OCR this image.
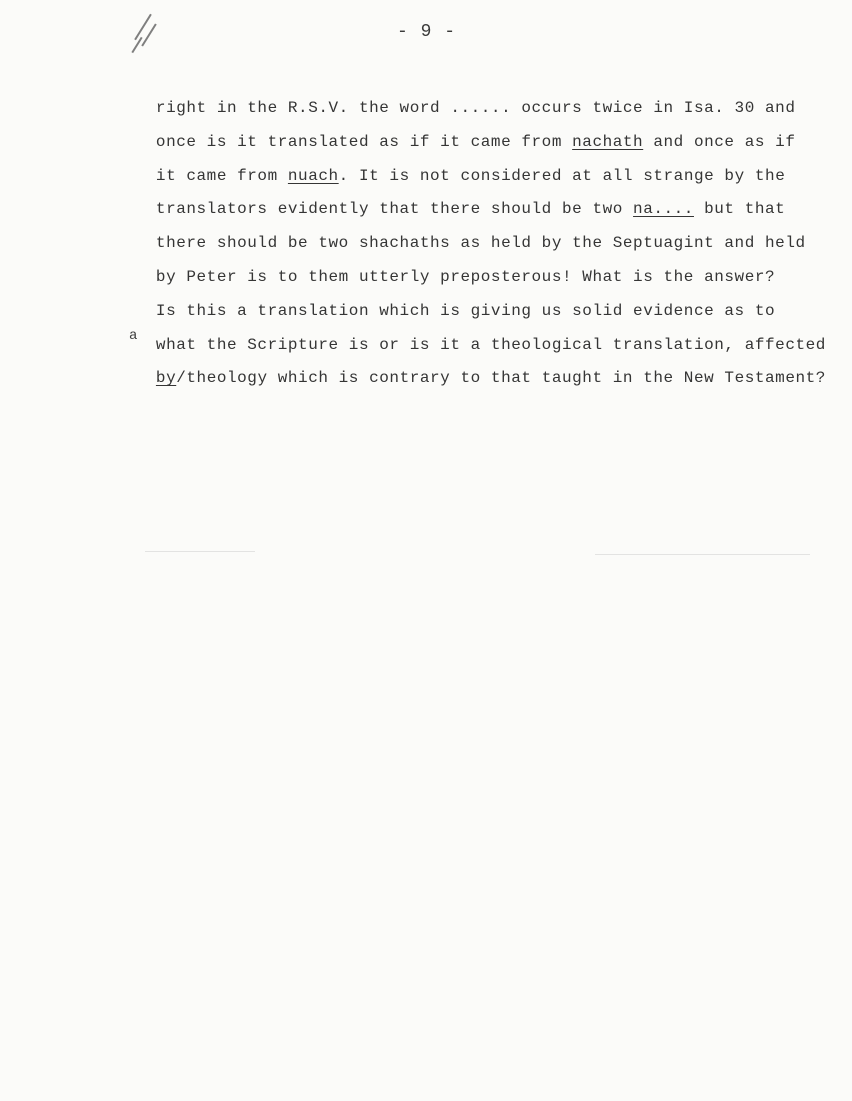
- 9 -

right in the R.S.V. the word ...... occurs twice in Isa. 30 and

once is it translated as if it came from nachath and once as if

it came from nuach. It is not considered at all strange by the

translators evidently that there should be two na.... but that

there should be two shachaths as held by the Septuagint and held

by Peter is to them utterly preposterous! What is the answer?

Is this a translation which is giving us solid evidence as to

what the Scripture is or is it a theological translation, affected

by
a
/theology which is contrary to that taught in the New Testament?
